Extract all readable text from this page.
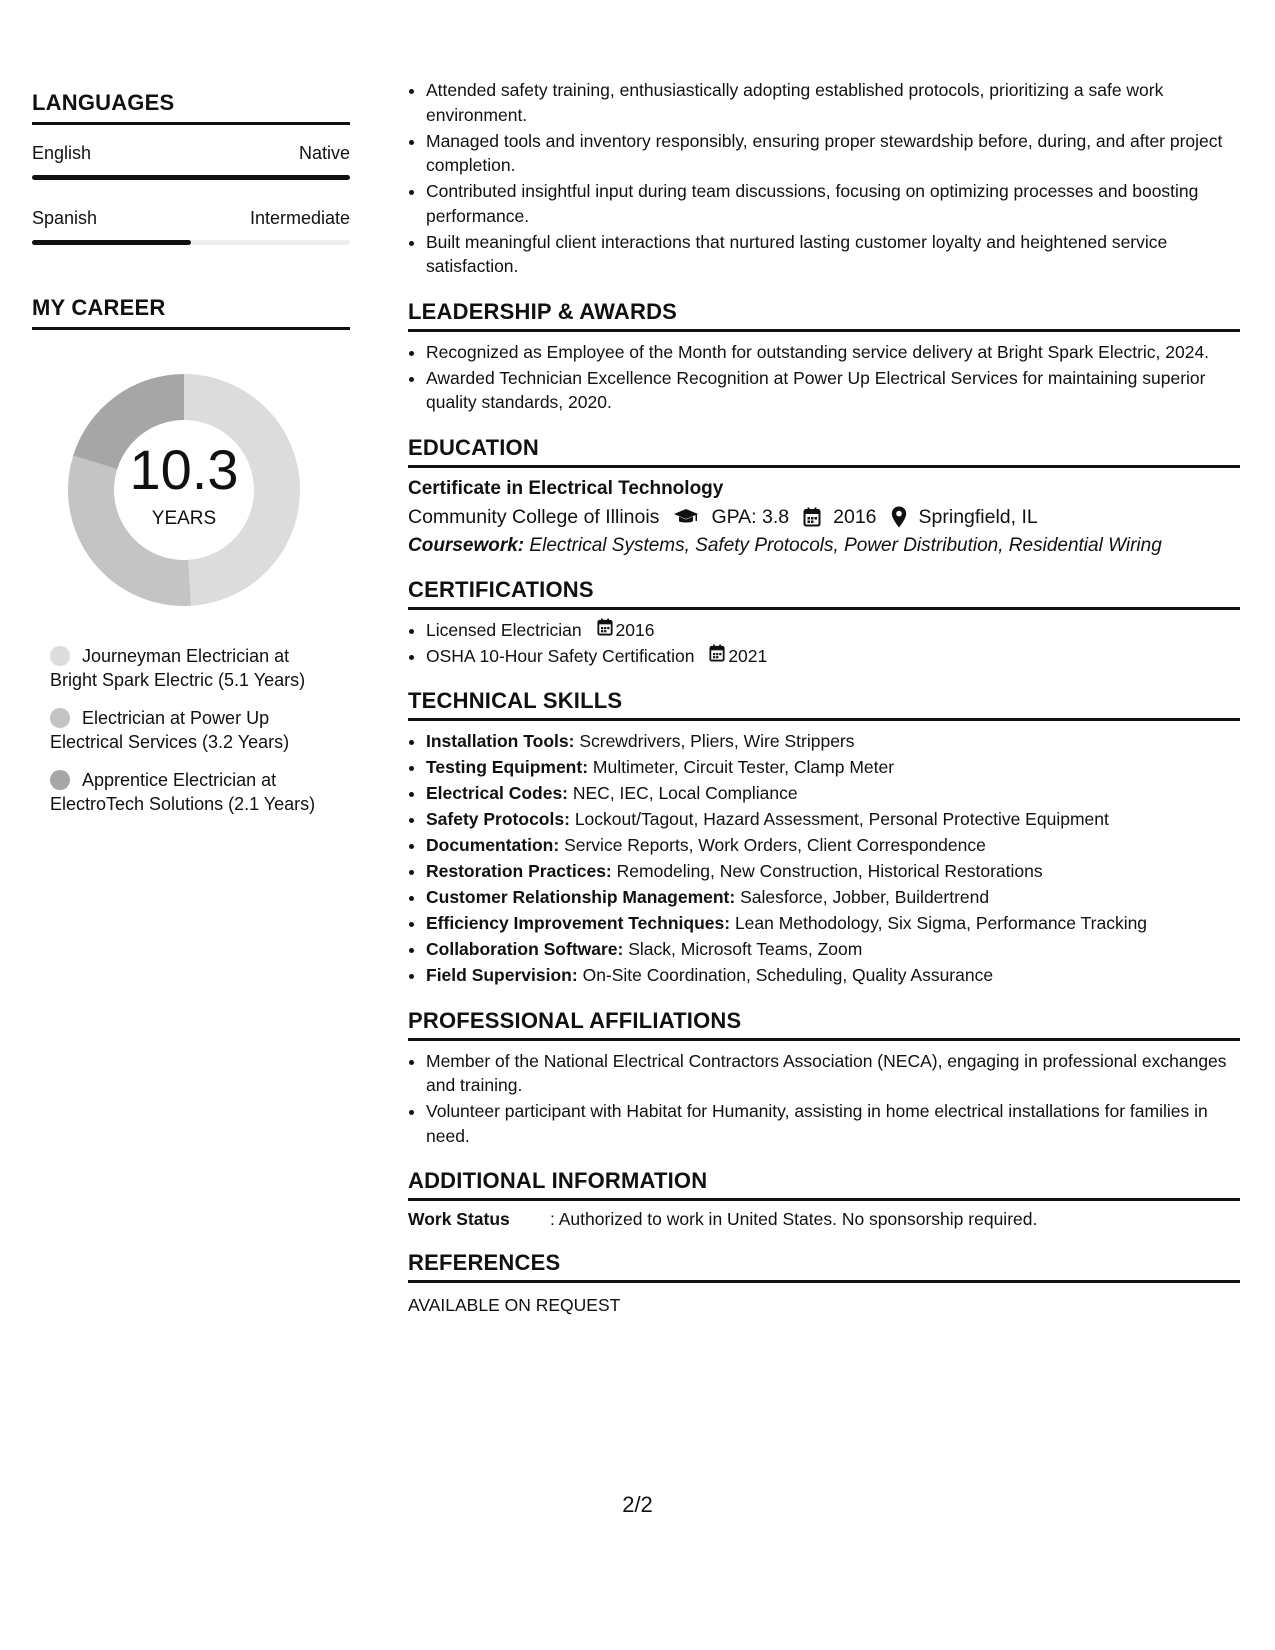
LANGUAGES
English	Native
Spanish	Intermediate
MY CAREER
10.3
YEARS
Journeyman Electrician at Bright Spark Electric (5.1 Years)
Electrician at Power Up Electrical Services (3.2 Years)
Apprentice Electrician at ElectroTech Solutions (2.1 Years)
• Attended safety training, enthusiastically adopting established protocols, prioritizing a safe work environment.
• Managed tools and inventory responsibly, ensuring proper stewardship before, during, and after project completion.
• Contributed insightful input during team discussions, focusing on optimizing processes and boosting performance.
• Built meaningful client interactions that nurtured lasting customer loyalty and heightened service satisfaction.
LEADERSHIP & AWARDS
• Recognized as Employee of the Month for outstanding service delivery at Bright Spark Electric, 2024.
• Awarded Technician Excellence Recognition at Power Up Electrical Services for maintaining superior quality standards, 2020.
EDUCATION
Certificate in Electrical Technology
Community College of Illinois	GPA: 3.8 2016 Springfield, IL
Coursework: Electrical Systems, Safety Protocols, Power Distribution, Residential Wiring
CERTIFICATIONS
• Licensed Electrician 2016
• OSHA 10-Hour Safety Certification 2021
TECHNICAL SKILLS
• Installation Tools: Screwdrivers, Pliers, Wire Strippers
• Testing Equipment: Multimeter, Circuit Tester, Clamp Meter
• Electrical Codes: NEC, IEC, Local Compliance
• Safety Protocols: Lockout/Tagout, Hazard Assessment, Personal Protective Equipment
• Documentation: Service Reports, Work Orders, Client Correspondence
• Restoration Practices: Remodeling, New Construction, Historical Restorations
• Customer Relationship Management: Salesforce, Jobber, Buildertrend
• Efficiency Improvement Techniques: Lean Methodology, Six Sigma, Performance Tracking
• Collaboration Software: Slack, Microsoft Teams, Zoom
• Field Supervision: On-Site Coordination, Scheduling, Quality Assurance
PROFESSIONAL AFFILIATIONS
• Member of the National Electrical Contractors Association (NECA), engaging in professional exchanges and training.
• Volunteer participant with Habitat for Humanity, assisting in home electrical installations for families in need.
ADDITIONAL INFORMATION
Work Status	: Authorized to work in United States. No sponsorship required.
REFERENCES
AVAILABLE ON REQUEST
2/2
